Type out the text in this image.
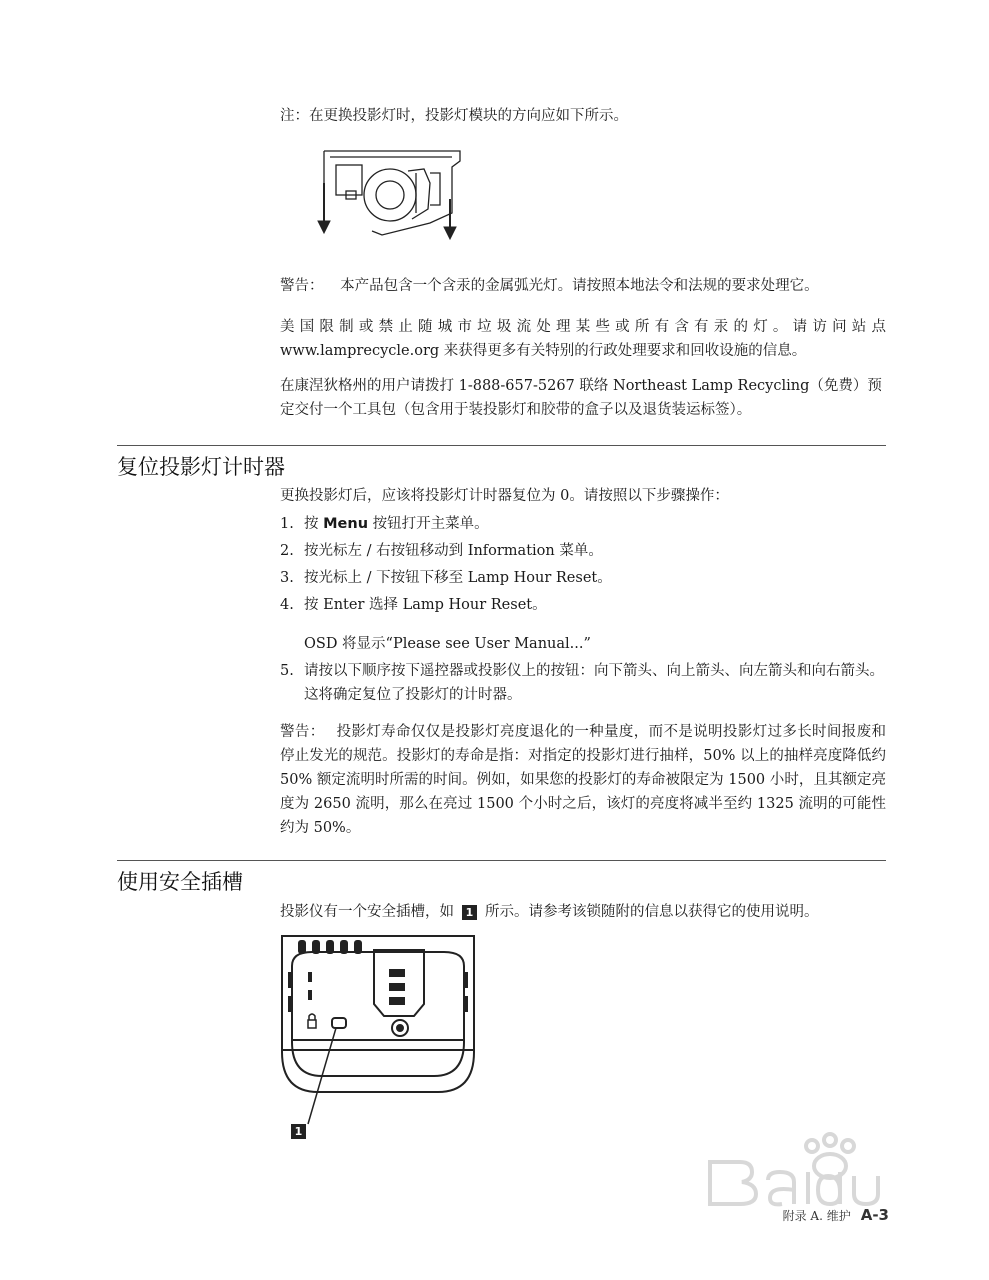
注：在更换投影灯时，投影灯模块的方向应如下所示。
警告： 本产品包含一个含汞的金属弧光灯。请按照本地法令和法规的要求处理它。
美国限制或禁止随城市垃圾流处理某些或所有含有汞的灯。请访问站点 www.lamprecycle.org 来获得更多有关特别的行政处理要求和回收设施的信息。
在康涅狄格州的用户请拨打 1-888-657-5267 联络 Northeast Lamp Recycling（免费）预定交付一个工具包（包含用于装投影灯和胶带的盒子以及退货装运标签）。
复位投影灯计时器
更换投影灯后，应该将投影灯计时器复位为 0。请按照以下步骤操作：
1. 按 Menu 按钮打开主菜单。
2. 按光标左 / 右按钮移动到 Information 菜单。
3. 按光标上 / 下按钮下移至 Lamp Hour Reset。
4. 按 Enter 选择 Lamp Hour Reset。
OSD 将显示“Please see User Manual...”
5. 请按以下顺序按下遥控器或投影仪上的按钮：向下箭头、向上箭头、向左箭头和向右箭头。这将确定复位了投影灯的计时器。
警告： 投影灯寿命仅仅是投影灯亮度退化的一种量度，而不是说明投影灯过多长时间报废和停止发光的规范。投影灯的寿命是指：对指定的投影灯进行抽样，50% 以上的抽样亮度降低约 50% 额定流明时所需的时间。例如，如果您的投影灯的寿命被限定为 1500 小时，且其额定亮度为 2650 流明，那么在亮过 1500 个小时之后，该灯的亮度将减半至约 1325 流明的可能性约为 50%。
使用安全插槽
投影仪有一个安全插槽，如 1 所示。请参考该锁随附的信息以获得它的使用说明。
1
附录 A. 维护 A-3
